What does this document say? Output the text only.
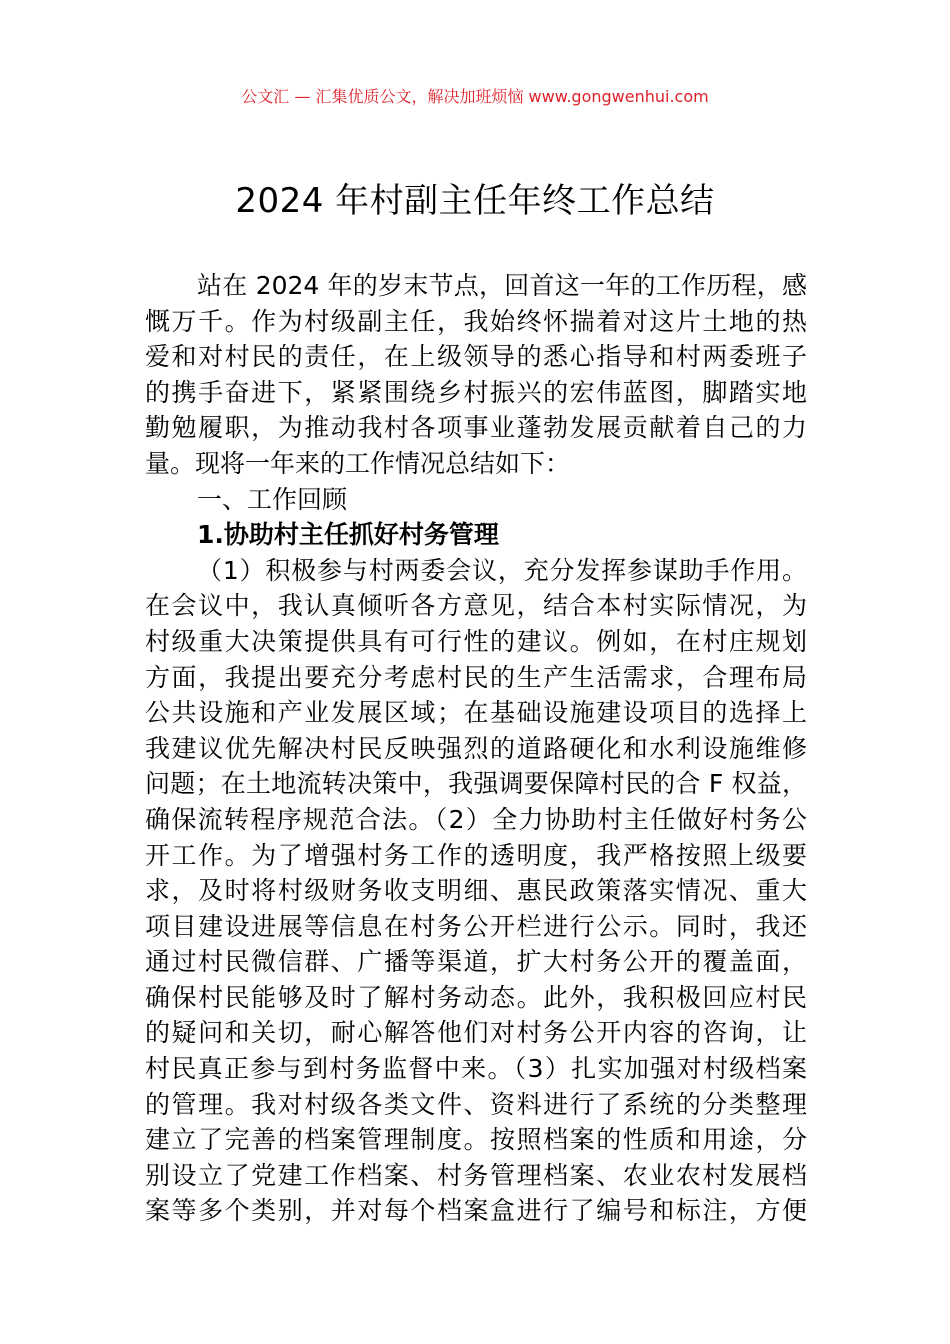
公文汇 — 汇集优质公文，解决加班烦恼 www.gongwenhui.com
2024 年村副主任年终工作总结
站在 2024 年的岁末节点，回首这一年的工作历程，感
慨万千。作为村级副主任，我始终怀揣着对这片土地的热
爱和对村民的责任，在上级领导的悉心指导和村两委班子
的携手奋进下，紧紧围绕乡村振兴的宏伟蓝图，脚踏实地
勤勉履职，为推动我村各项事业蓬勃发展贡献着自己的力
量。现将一年来的工作情况总结如下：
一、工作回顾
1.协助村主任抓好村务管理
（1）积极参与村两委会议，充分发挥参谋助手作用。
在会议中，我认真倾听各方意见，结合本村实际情况，为
村级重大决策提供具有可行性的建议。例如，在村庄规划
方面，我提出要充分考虑村民的生产生活需求，合理布局
公共设施和产业发展区域；在基础设施建设项目的选择上
我建议优先解决村民反映强烈的道路硬化和水利设施维修
问题；在土地流转决策中，我强调要保障村民的合 F 权益，
确保流转程序规范合法。（2）全力协助村主任做好村务公
开工作。为了增强村务工作的透明度，我严格按照上级要
求，及时将村级财务收支明细、惠民政策落实情况、重大
项目建设进展等信息在村务公开栏进行公示。同时，我还
通过村民微信群、广播等渠道，扩大村务公开的覆盖面，
确保村民能够及时了解村务动态。此外，我积极回应村民
的疑问和关切，耐心解答他们对村务公开内容的咨询，让
村民真正参与到村务监督中来。（3）扎实加强对村级档案
的管理。我对村级各类文件、资料进行了系统的分类整理
建立了完善的档案管理制度。按照档案的性质和用途，分
别设立了党建工作档案、村务管理档案、农业农村发展档
案等多个类别，并对每个档案盒进行了编号和标注，方便
